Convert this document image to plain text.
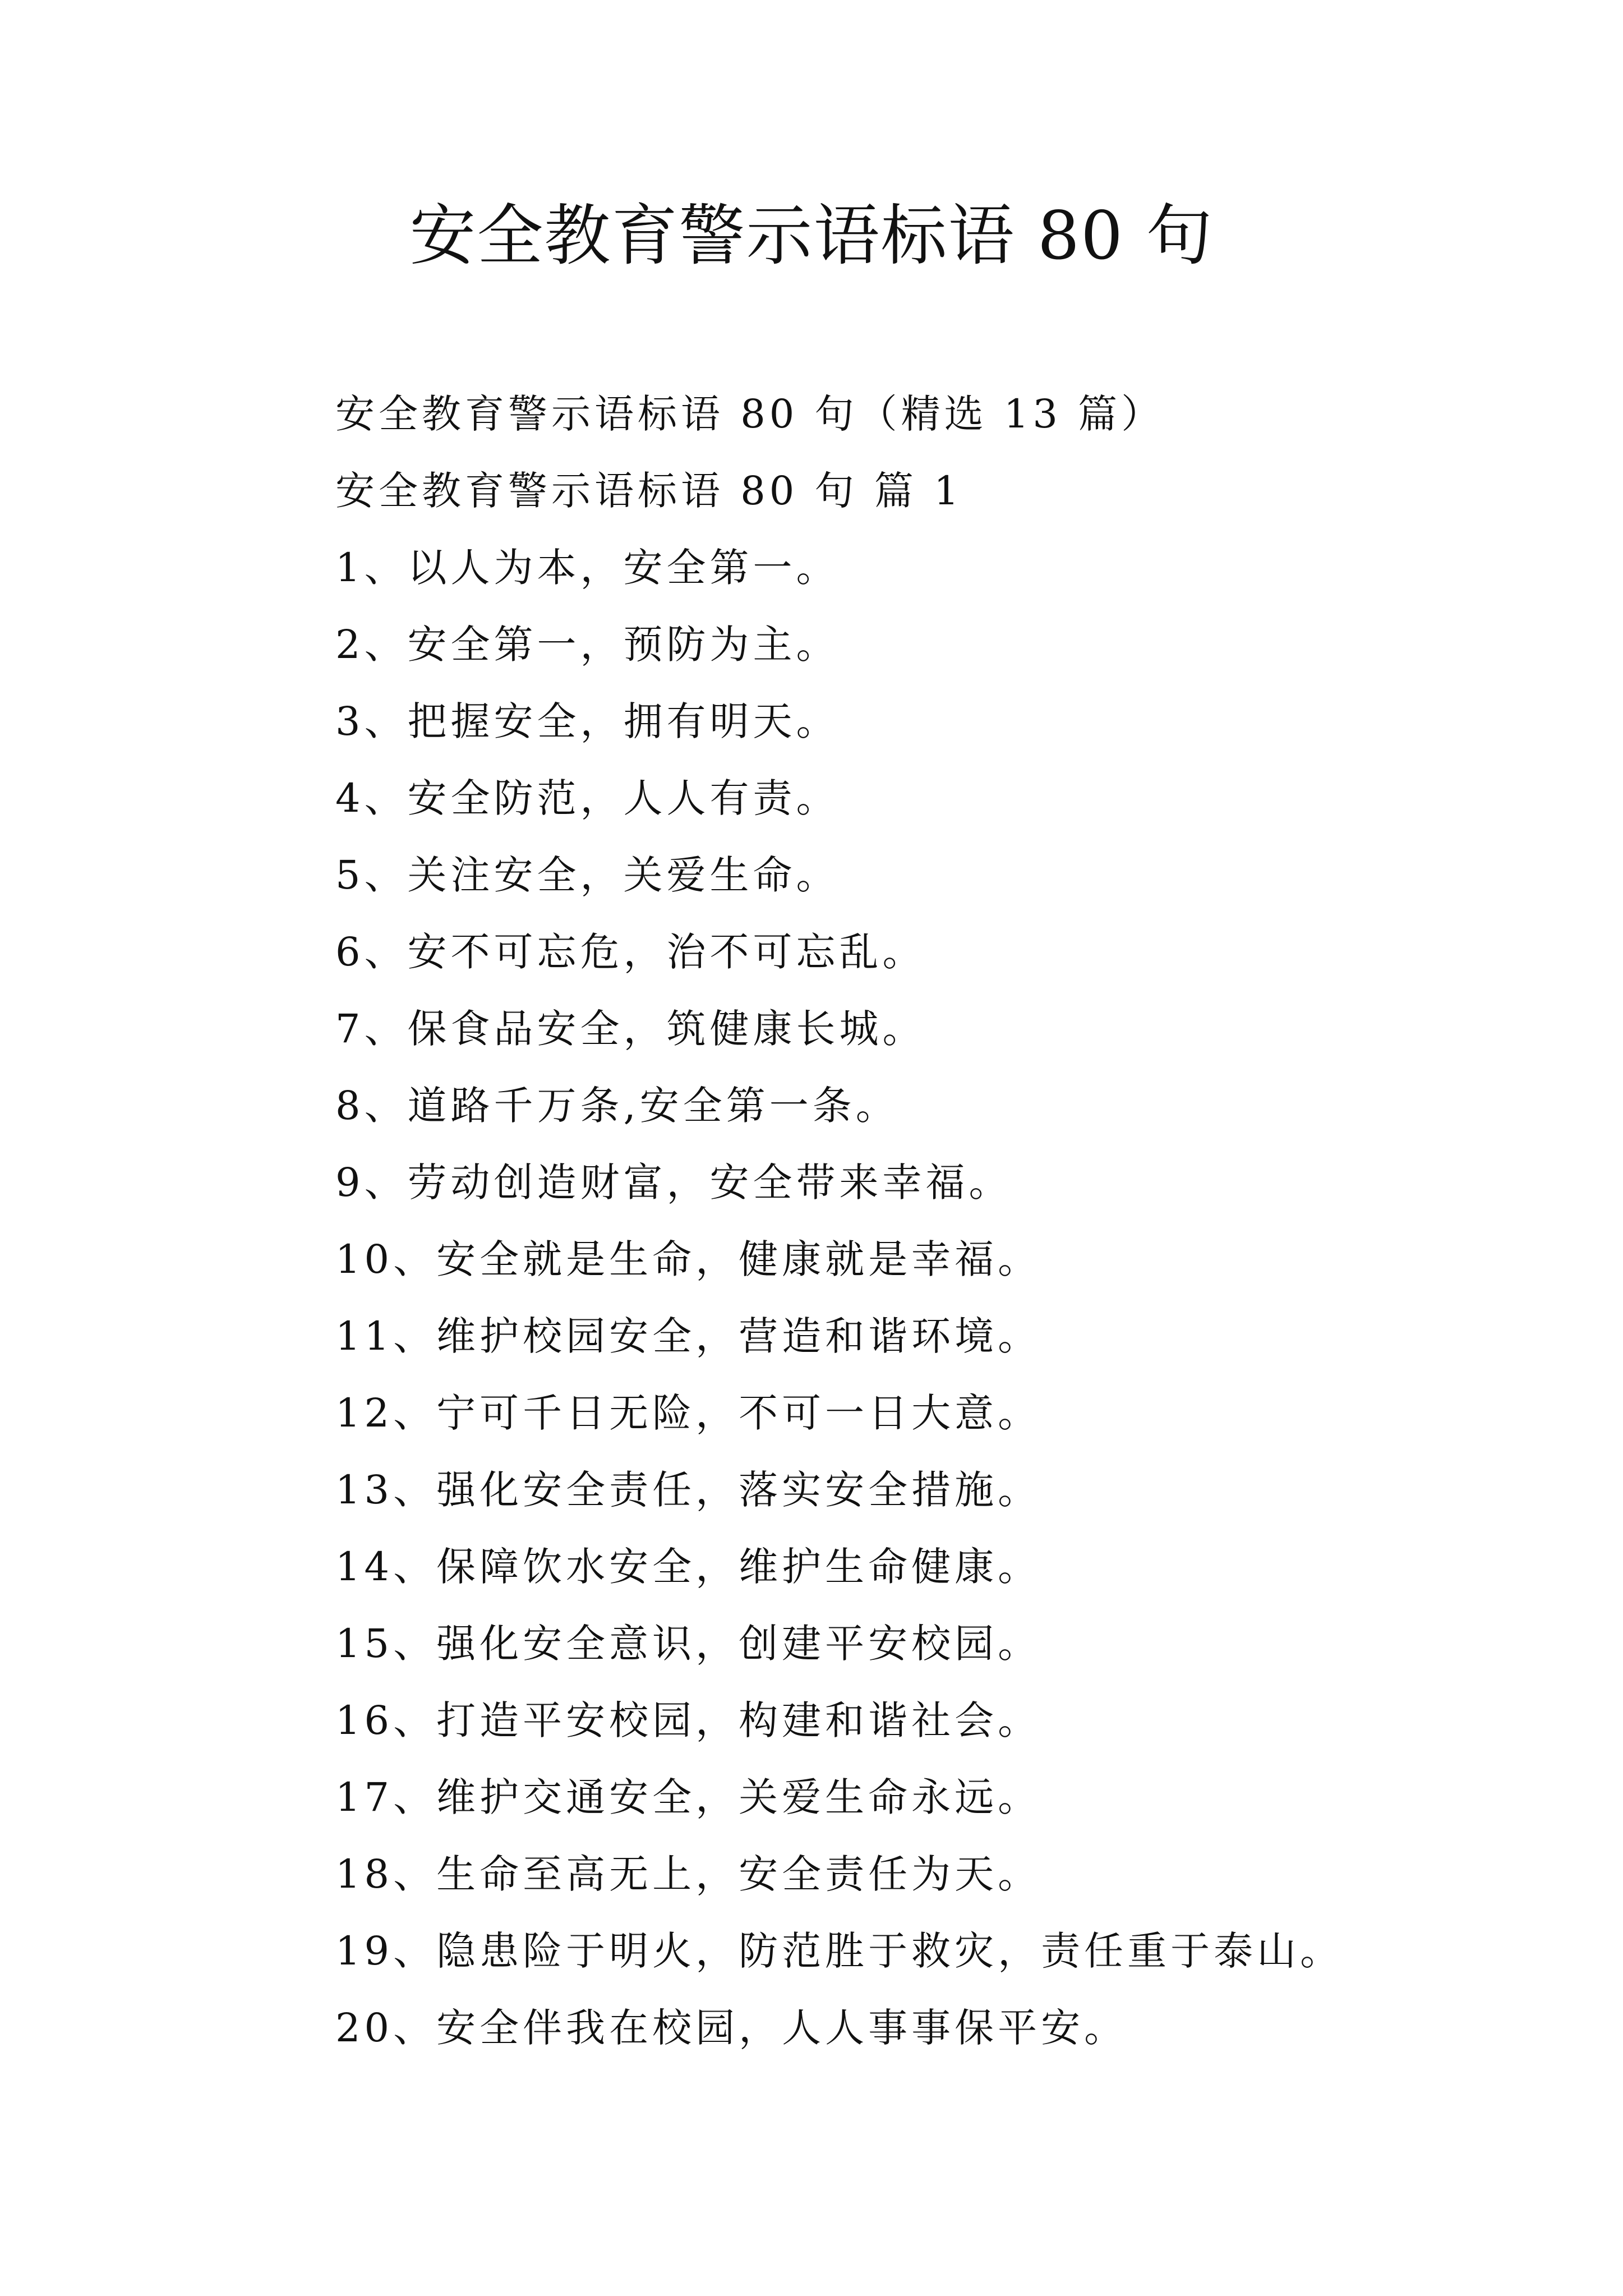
安全教育警示语标语 80 句

安全教育警示语标语 80 句（精选 13 篇）

安全教育警示语标语 80 句 篇 1

1、以人为本，安全第一。

2、安全第一，预防为主。

3、把握安全，拥有明天。

4、安全防范，人人有责。

5、关注安全，关爱生命。

6、安不可忘危，治不可忘乱。

7、保食品安全，筑健康长城。

8、道路千万条,安全第一条。

9、劳动创造财富，安全带来幸福。

10、安全就是生命，健康就是幸福。

11、维护校园安全，营造和谐环境。

12、宁可千日无险，不可一日大意。

13、强化安全责任，落实安全措施。

14、保障饮水安全，维护生命健康。

15、强化安全意识，创建平安校园。

16、打造平安校园，构建和谐社会。

17、维护交通安全，关爱生命永远。

18、生命至高无上，安全责任为天。

19、隐患险于明火，防范胜于救灾，责任重于泰山。

20、安全伴我在校园，人人事事保平安。
